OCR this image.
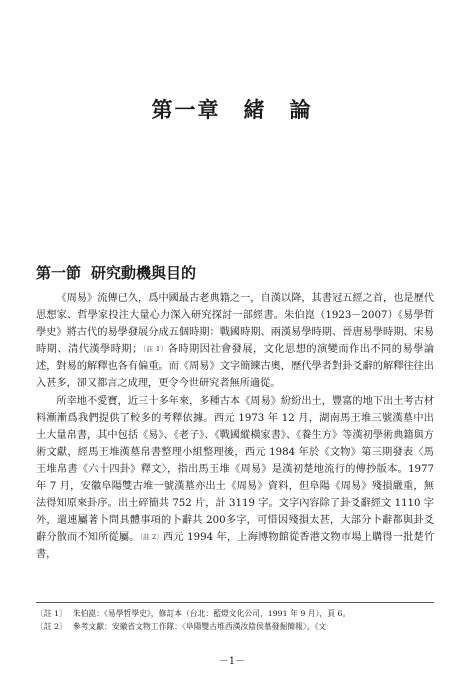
第一章　緒　論
第一節 研究動機與目的

《周易》流傳已久，爲中國最古老典籍之一，自漢以降，其書冠五經之首，也是歷代思想家、哲學家投注大量心力深入研究探討一部經書。朱伯崑（1923－2007）《易學哲學史》將古代的易學發展分成五個時期：戰國時期、兩漢易學時期、晉唐易學時期、宋易時期、清代漢學時期；〔註 1〕各時期因社會發展，文化思想的演變而作出不同的易學論述，對易的解釋也各有偏重。而《周易》文字簡練古奧，歷代學者對卦爻辭的解釋往往出入甚多，卻又都言之成理，更令今世研究者無所適從。

所幸地不愛寶，近三十多年來，多種古本《周易》紛紛出土，豐富的地下出土考古材料漸漸爲我們提供了較多的考釋依據。西元 1973 年 12 月，湖南馬王堆三號漢墓中出土大量帛書，其中包括《易》、《老子》、《戰國縱橫家書》、《養生方》等漢初學術典籍與方術文獻，經馬王堆漢墓帛書整理小組整理後，西元 1984 年於《文物》第三期發表〈馬王堆帛書《六十四卦》釋文〉，指出馬王堆《周易》是漢初楚地流行的傳抄版本。1977 年 7 月，安徽阜陽雙古堆一號漢墓亦出土《周易》資料，但阜陽《周易》殘損嚴重，無法得知原來卦序。出土碎簡共 752 片，計 3119 字。文字內容除了卦爻辭經文 1110 字外，還連屬著卜問具體事項的卜辭共 200多字，可惜因殘損太甚，大部分卜辭都與卦爻辭分散而不知所從屬。〔註 2〕西元 1994 年，上海博物館從香港文物市場上購得一批楚竹書，

〔註 1〕 朱伯崑：《易學哲學史》，修訂本（台北：藍燈文化公司，1991 年 9 月），頁 6。
〔註 2〕 參考文獻：安徽省文物工作隊：〈阜陽雙古堆西漢汝陰侯墓發掘簡報〉，《文
－1－
